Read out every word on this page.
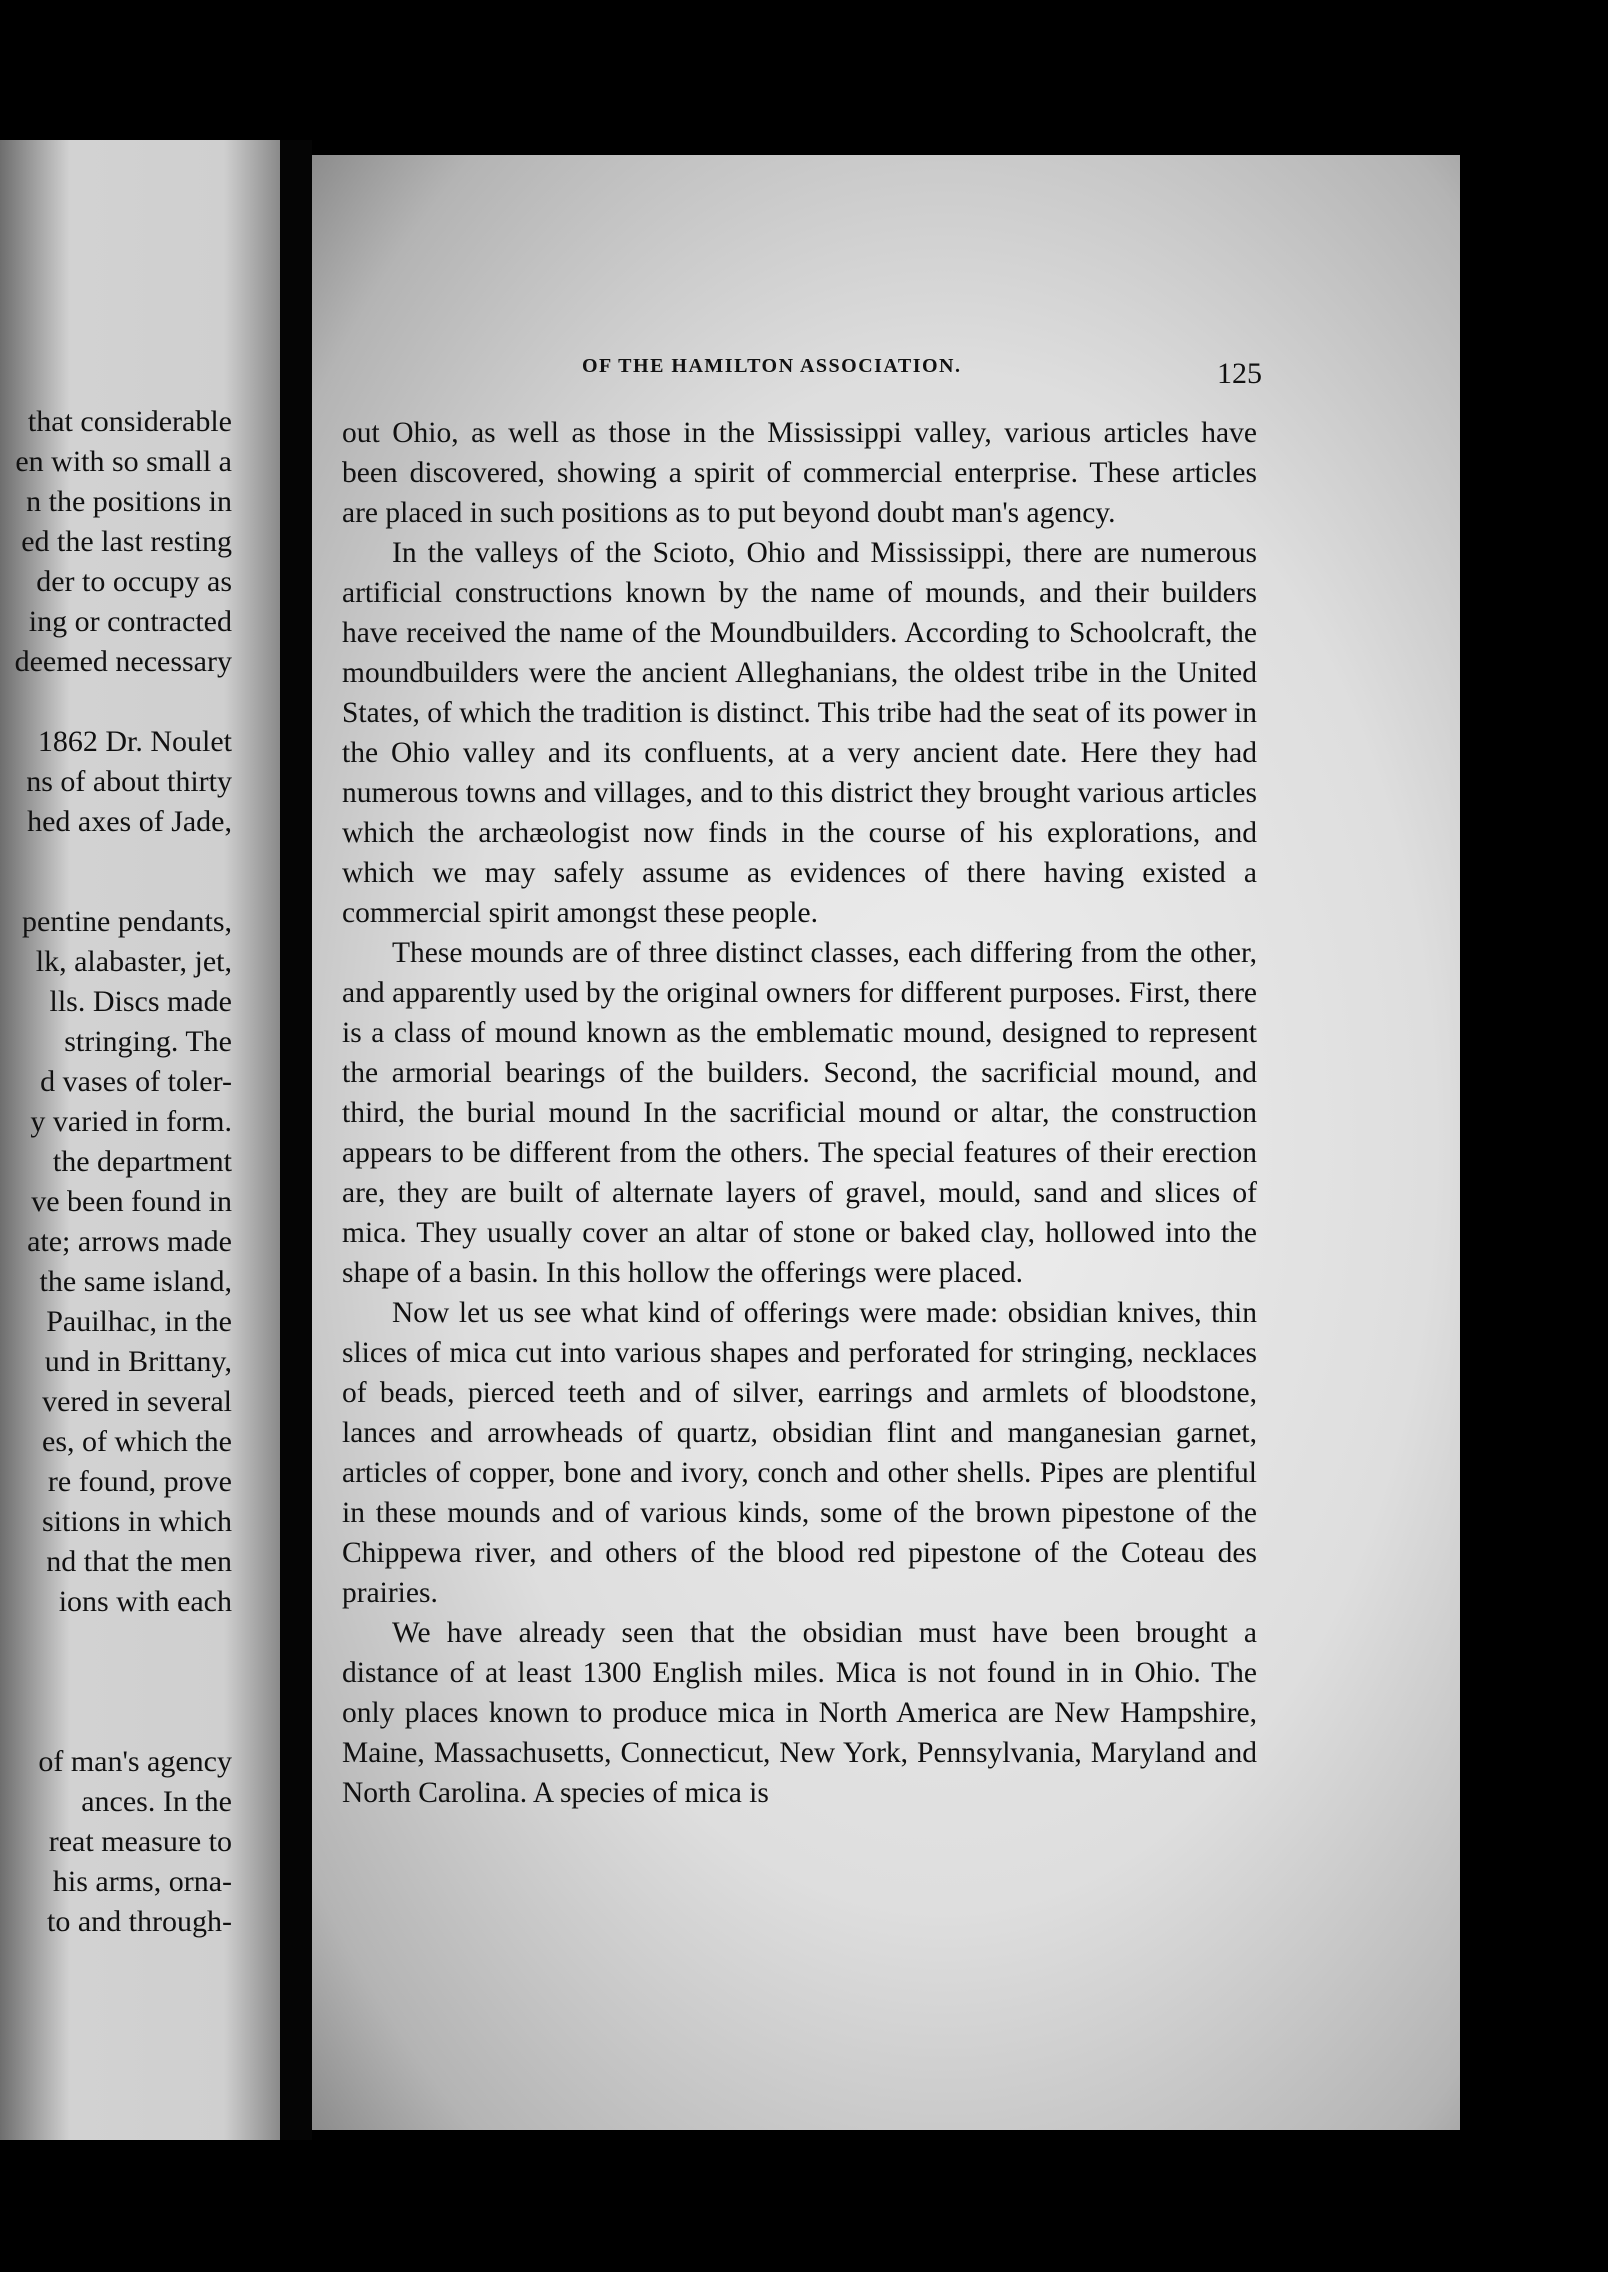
that considerable
en with so small a
n the positions in
ed the last resting
der to occupy as
ing or contracted
deemed necessary
1862 Dr. Noulet
ns of about thirty
hed axes of Jade,
pentine pendants,
lk, alabaster, jet,
lls. Discs made
stringing. The
d vases of toler-
y varied in form.
the department
ve been found in
ate; arrows made
the same island,
Pauilhac, in the
und in Brittany,
vered in several
es, of which the
re found, prove
sitions in which
nd that the men
ions with each
of man's agency
ances. In the
reat measure to
his arms, orna-
to and through-
OF THE HAMILTON ASSOCIATION.	125

out Ohio, as well as those in the Mississippi valley, various articles have been discovered, showing a spirit of commercial enterprise. These articles are placed in such positions as to put beyond doubt man's agency.

In the valleys of the Scioto, Ohio and Mississippi, there are numerous artificial constructions known by the name of mounds, and their builders have received the name of the Moundbuilders. According to Schoolcraft, the moundbuilders were the ancient Alleghanians, the oldest tribe in the United States, of which the tradition is distinct. This tribe had the seat of its power in the Ohio valley and its confluents, at a very ancient date. Here they had numerous towns and villages, and to this district they brought various articles which the archæologist now finds in the course of his explorations, and which we may safely assume as evidences of there having existed a commercial spirit amongst these people.

These mounds are of three distinct classes, each differing from the other, and apparently used by the original owners for different purposes. First, there is a class of mound known as the emblematic mound, designed to represent the armorial bearings of the builders. Second, the sacrificial mound, and third, the burial mound In the sacrificial mound or altar, the construction appears to be different from the others. The special features of their erection are, they are built of alternate layers of gravel, mould, sand and slices of mica. They usually cover an altar of stone or baked clay, hollowed into the shape of a basin. In this hollow the offerings were placed.

Now let us see what kind of offerings were made: obsidian knives, thin slices of mica cut into various shapes and perforated for stringing, necklaces of beads, pierced teeth and of silver, earrings and armlets of bloodstone, lances and arrowheads of quartz, obsidian flint and manganesian garnet, articles of copper, bone and ivory, conch and other shells. Pipes are plentiful in these mounds and of various kinds, some of the brown pipestone of the Chippewa river, and others of the blood red pipestone of the Coteau des prairies.

We have already seen that the obsidian must have been brought a distance of at least 1300 English miles. Mica is not found in in Ohio. The only places known to produce mica in North America are New Hampshire, Maine, Massachusetts, Connecticut, New York, Pennsylvania, Maryland and North Carolina. A species of mica is
